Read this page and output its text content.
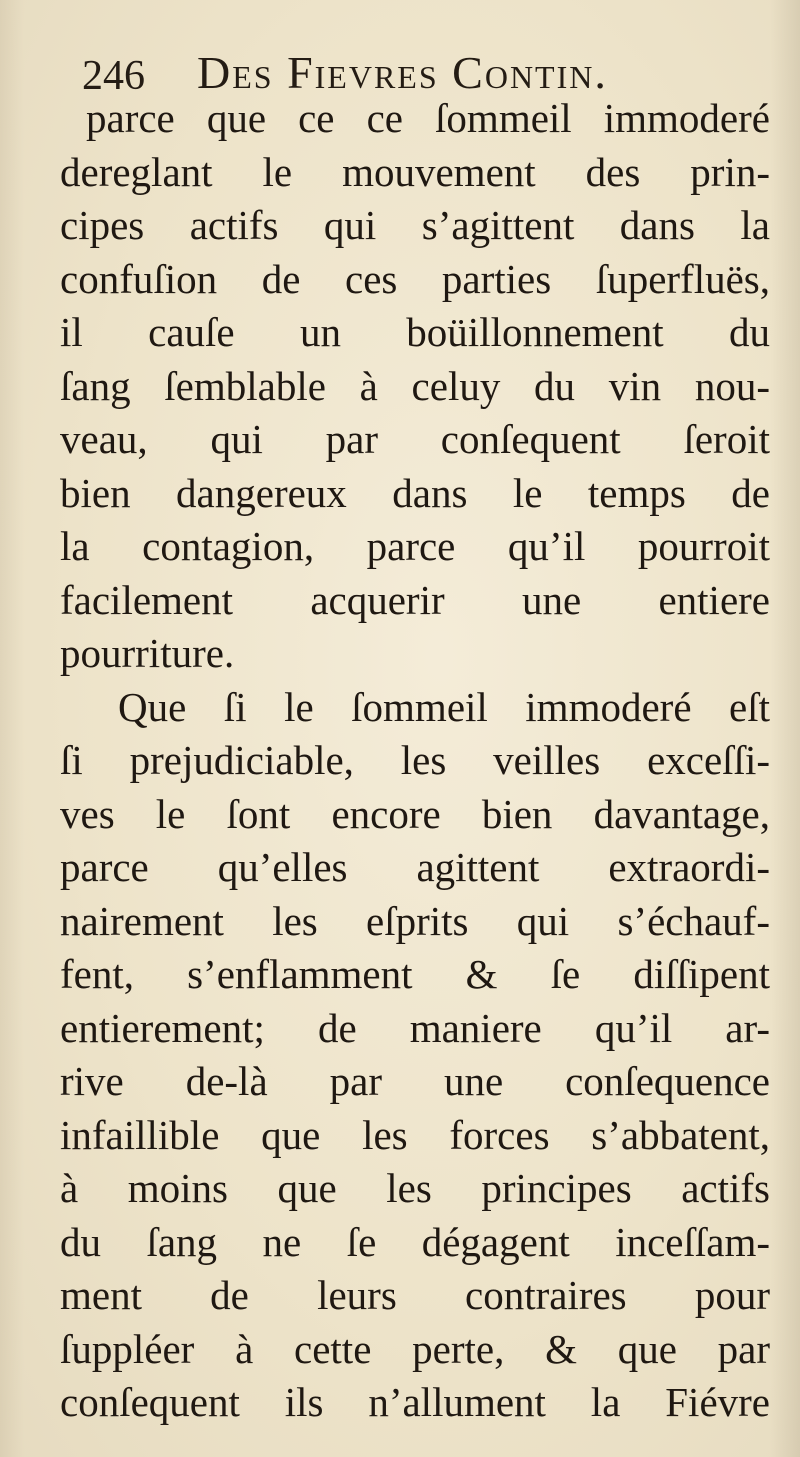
246 Des Fievres Contin.
parce que ce ce ſommeil immoderé
dereglant le mouvement des prin-
cipes actifs qui s’agittent dans la
confuſion de ces parties ſuperfluës,
il cauſe un boüillonnement du
ſang ſemblable à celuy du vin nou-
veau, qui par conſequent ſeroit
bien dangereux dans le temps de
la contagion, parce qu’il pourroit
facilement acquerir une entiere
pourriture.
Que ſi le ſommeil immoderé eſt
ſi prejudiciable, les veilles exceſſi-
ves le ſont encore bien davantage,
parce qu’elles agittent extraordi-
nairement les eſprits qui s’échauf-
fent, s’enflamment & ſe diſſipent
entierement; de maniere qu’il ar-
rive de-là par une conſequence
infaillible que les forces s’abbatent,
à moins que les principes actifs
du ſang ne ſe dégagent inceſſam-
ment de leurs contraires pour
ſuppléer à cette perte, & que par
conſequent ils n’allument la Fiévre
